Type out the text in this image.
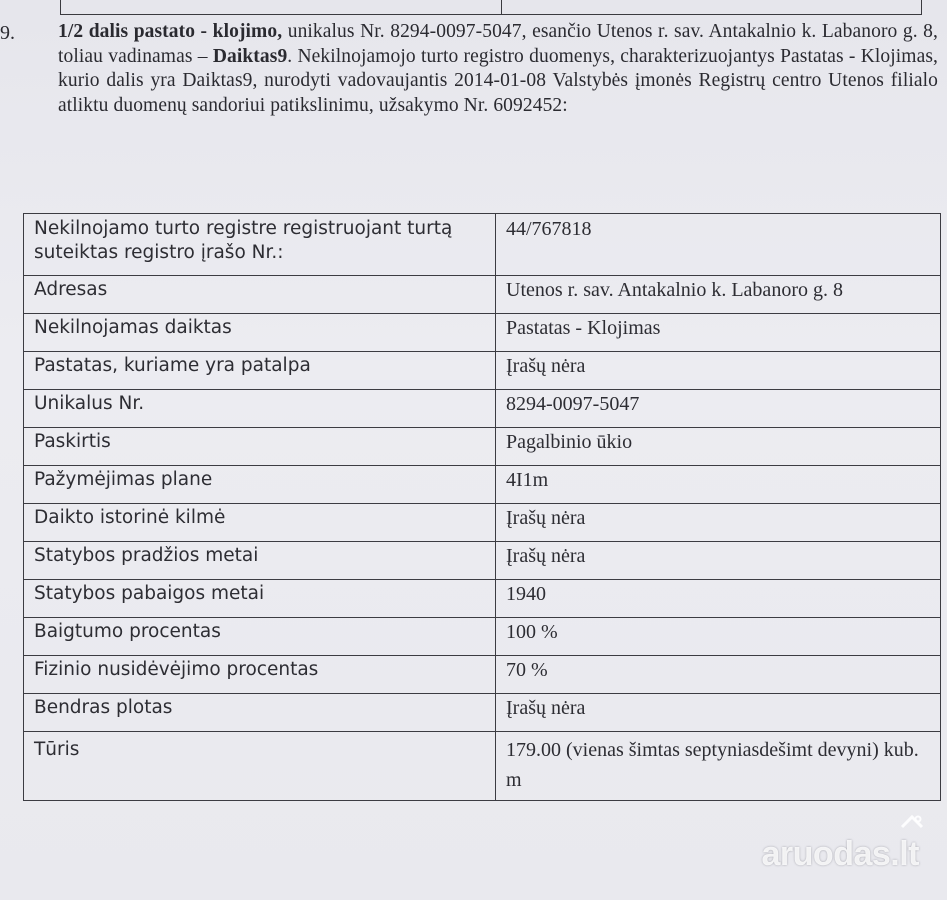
9. 1/2 dalis pastato - klojimo, unikalus Nr. 8294-0097-5047, esančio Utenos r. sav. Antakalnio k. Labanoro g. 8, toliau vadinamas – Daiktas9. Nekilnojamojo turto registro duomenys, charakterizuojantys Pastatas - Klojimas, kurio dalis yra Daiktas9, nurodyti vadovaujantis 2014-01-08 Valstybės įmonės Registrų centro Utenos filialo atliktu duomenų sandoriui patikslinimu, užsakymo Nr. 6092452:
Nekilnojamo turto registre registruojant turtą suteiktas registro įrašo Nr.:	44/767818
Adresas	Utenos r. sav. Antakalnio k. Labanoro g. 8
Nekilnojamas daiktas	Pastatas - Klojimas
Pastatas, kuriame yra patalpa	Įrašų nėra
Unikalus Nr.	8294-0097-5047
Paskirtis	Pagalbinio ūkio
Pažymėjimas plane	4I1m
Daikto istorinė kilmė	Įrašų nėra
Statybos pradžios metai	Įrašų nėra
Statybos pabaigos metai	1940
Baigtumo procentas	100 %
Fizinio nusidėvėjimo procentas	70 %
Bendras plotas	Įrašų nėra
Tūris	179.00 (vienas šimtas septyniasdešimt devyni) kub. m
aruodas.lt
